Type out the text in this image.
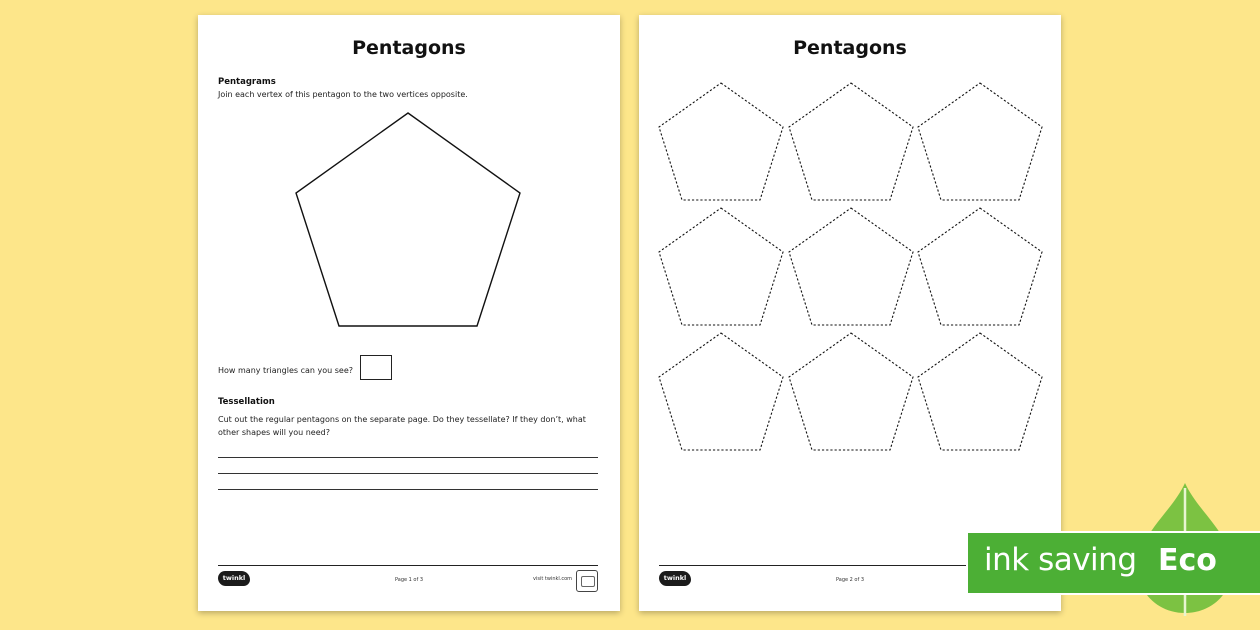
Pentagons
Pentagrams
Join each vertex of this pentagon to the two vertices opposite.
How many triangles can you see?
Tessellation
Cut out the regular pentagons on the separate page. Do they tessellate? If they don’t, what other shapes will you need?
twinkl	Page 1 of 3	visit twinkl.com
Pentagons
twinkl	Page 2 of 3
ink saving Eco
